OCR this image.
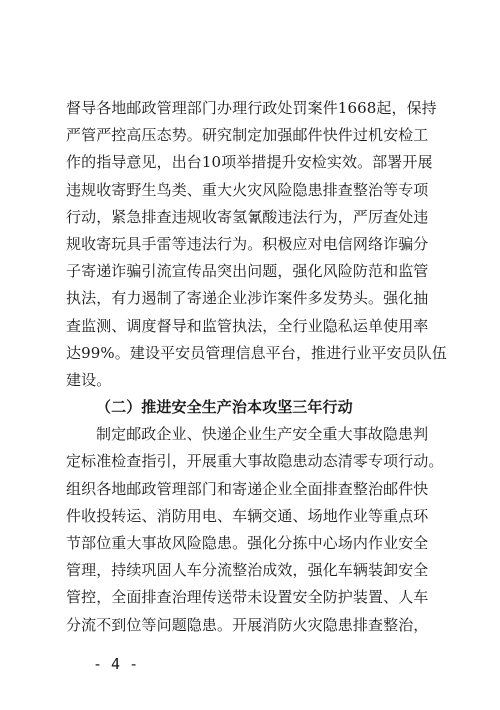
督导各地邮政管理部门办理行政处罚案件1668起，保持
严管严控高压态势。研究制定加强邮件快件过机安检工
作的指导意见，出台10项举措提升安检实效。部署开展
违规收寄野生鸟类、重大火灾风险隐患排查整治等专项
行动，紧急排查违规收寄氢氰酸违法行为，严厉查处违
规收寄玩具手雷等违法行为。积极应对电信网络诈骗分
子寄递诈骗引流宣传品突出问题，强化风险防范和监管
执法，有力遏制了寄递企业涉诈案件多发势头。强化抽
查监测、调度督导和监管执法，全行业隐私运单使用率
达99%。建设平安员管理信息平台，推进行业平安员队伍
建设。
（二）推进安全生产治本攻坚三年行动
制定邮政企业、快递企业生产安全重大事故隐患判
定标准检查指引，开展重大事故隐患动态清零专项行动。
组织各地邮政管理部门和寄递企业全面排查整治邮件快
件收投转运、消防用电、车辆交通、场地作业等重点环
节部位重大事故风险隐患。强化分拣中心场内作业安全
管理，持续巩固人车分流整治成效，强化车辆装卸安全
管控，全面排查治理传送带未设置安全防护装置、人车
分流不到位等问题隐患。开展消防火灾隐患排查整治，
- 4 -
